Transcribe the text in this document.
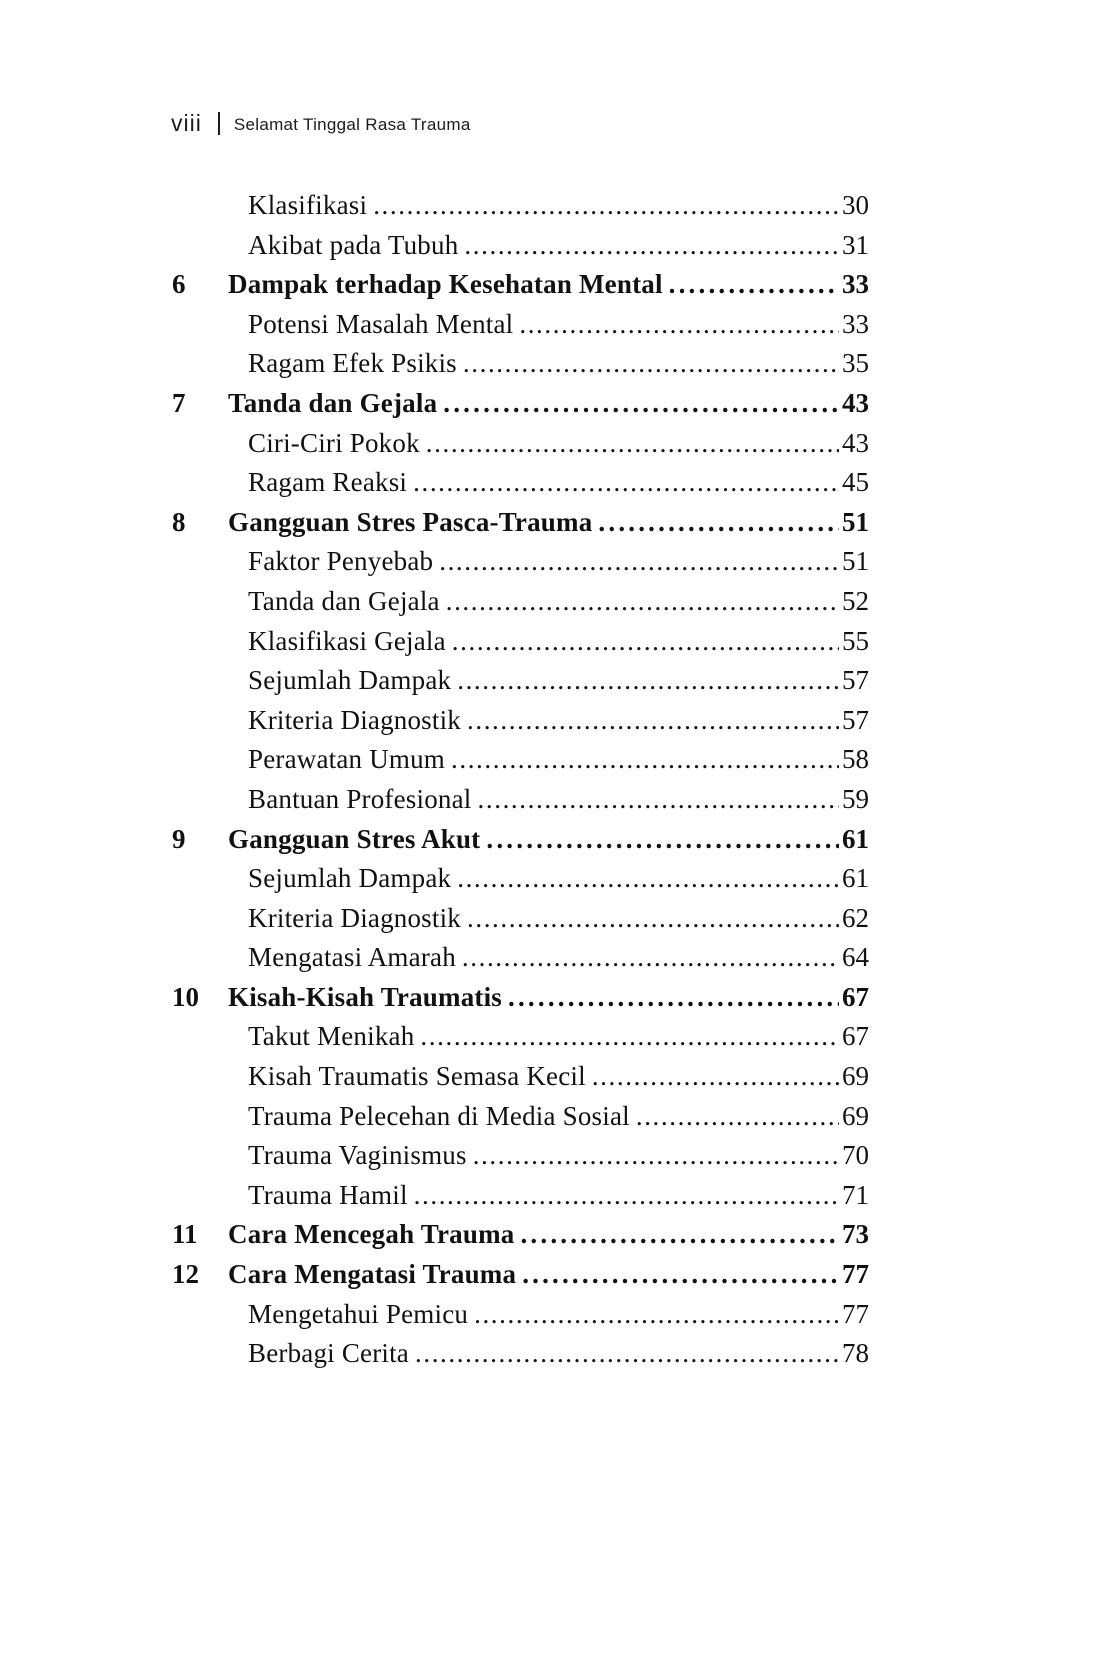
viii Selamat Tinggal Rasa Trauma
Klasifikasi .....	30
Akibat pada Tubuh .....	31
6	Dampak terhadap Kesehatan Mental .....	33
Potensi Masalah Mental .....	33
Ragam Efek Psikis .....	35
7	Tanda dan Gejala .....	43
Ciri-Ciri Pokok .....	43
Ragam Reaksi .....	45
8	Gangguan Stres Pasca-Trauma .....	51
Faktor Penyebab .....	51
Tanda dan Gejala .....	52
Klasifikasi Gejala .....	55
Sejumlah Dampak .....	57
Kriteria Diagnostik .....	57
Perawatan Umum .....	58
Bantuan Profesional .....	59
9	Gangguan Stres Akut .....	61
Sejumlah Dampak .....	61
Kriteria Diagnostik .....	62
Mengatasi Amarah .....	64
10	Kisah-Kisah Traumatis .....	67
Takut Menikah .....	67
Kisah Traumatis Semasa Kecil .....	69
Trauma Pelecehan di Media Sosial .....	69
Trauma Vaginismus .....	70
Trauma Hamil .....	71
11	Cara Mencegah Trauma .....	73
12	Cara Mengatasi Trauma .....	77
Mengetahui Pemicu .....	77
Berbagi Cerita .....	78
